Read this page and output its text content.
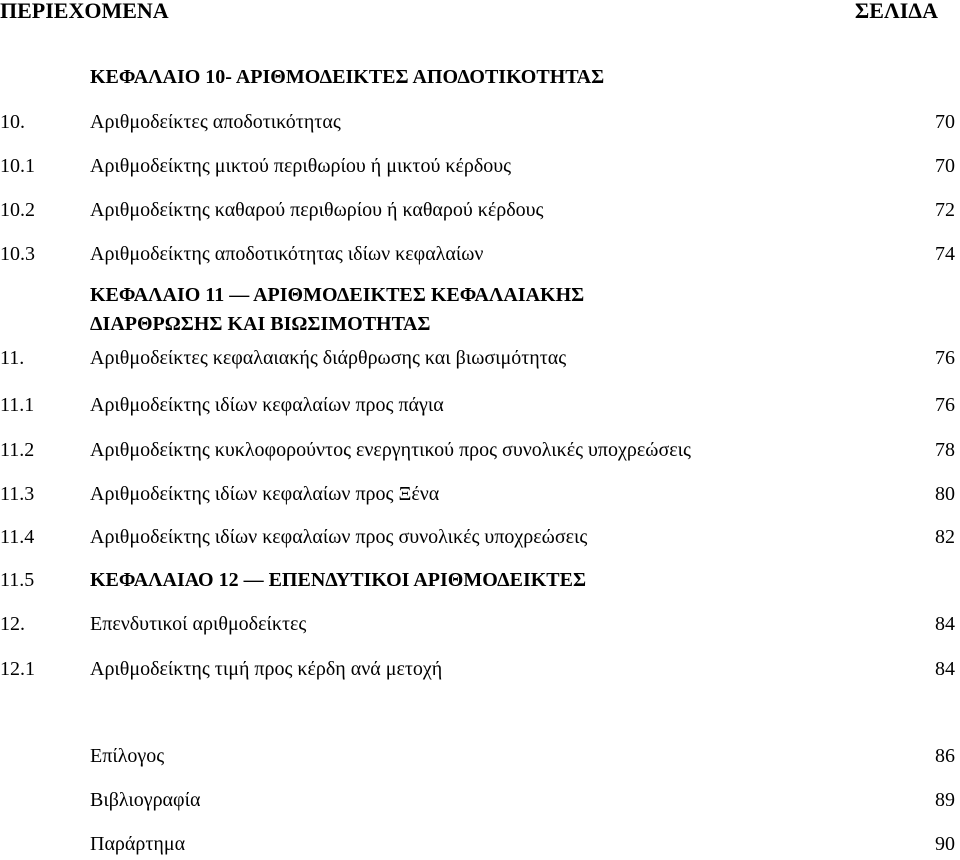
ΠΕΡΙΕΧΟΜΕΝΑ	ΣΕΛΙΔΑ
ΚΕΦΑΛΑΙΟ 10- ΑΡΙΘΜΟΔΕΙΚΤΕΣ ΑΠΟΔΟΤΙΚΟΤΗΤΑΣ
10.	Αριθμοδείκτες αποδοτικότητας	70
10.1	Αριθμοδείκτης μικτού περιθωρίου ή μικτού κέρδους	70
10.2	Αριθμοδείκτης καθαρού περιθωρίου ή καθαρού κέρδους	72
10.3	Αριθμοδείκτης αποδοτικότητας ιδίων κεφαλαίων	74
ΚΕΦΑΛΑΙΟ 11 — ΑΡΙΘΜΟΔΕΙΚΤΕΣ ΚΕΦΑΛΑΙΑΚΗΣ
ΔΙΑΡΘΡΩΣΗΣ ΚΑΙ ΒΙΩΣΙΜΟΤΗΤΑΣ
11.	Αριθμοδείκτες κεφαλαιακής διάρθρωσης και βιωσιμότητας	76
11.1	Αριθμοδείκτης ιδίων κεφαλαίων προς πάγια	76
11.2	Αριθμοδείκτης κυκλοφορούντος ενεργητικού προς συνολικές υποχρεώσεις	78
11.3	Αριθμοδείκτης ιδίων κεφαλαίων προς Ξένα	80
11.4	Αριθμοδείκτης ιδίων κεφαλαίων προς συνολικές υποχρεώσεις	82
11.5	ΚΕΦΑΛΑΙΑΟ 12 — ΕΠΕΝΔΥΤΙΚΟΙ ΑΡΙΘΜΟΔΕΙΚΤΕΣ
12.	Επενδυτικοί αριθμοδείκτες	84
12.1	Αριθμοδείκτης τιμή προς κέρδη ανά μετοχή	84
Επίλογος	86
Βιβλιογραφία	89
Παράρτημα	90
